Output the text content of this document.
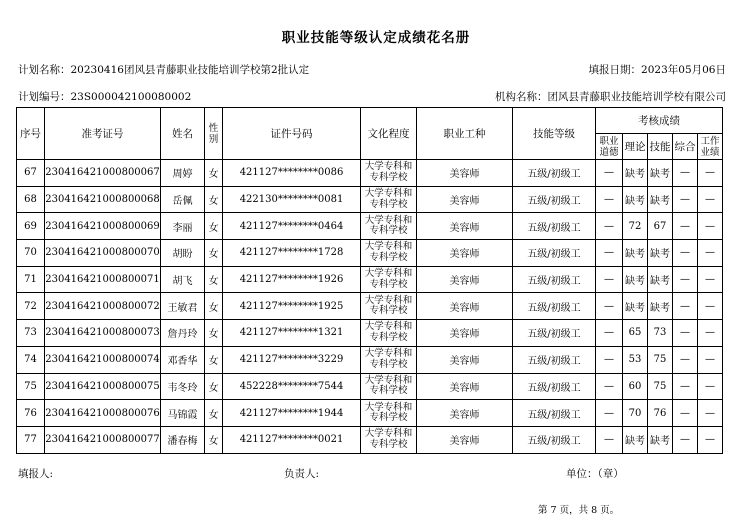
职业技能等级认定成绩花名册
计划名称：20230416团风县青藤职业技能培训学校第2批认定	填报日期：2023年05月06日
计划编号：23S000042100080002	机构名称：团风县青藤职业技能培训学校有限公司
序号	准考证号	姓名	性别	证件号码	文化程度	职业工种	技能等级	考核成绩				
								职业道德	理论	技能	综合	工作业绩
67	230416421000800067	周婷	女	421127********0086	大学专科和专科学校	美容师	五级/初级工	—	缺考	缺考	—	—
68	230416421000800068	岳佩	女	422130********0081	大学专科和专科学校	美容师	五级/初级工	—	缺考	缺考	—	—
69	230416421000800069	李丽	女	421127********0464	大学专科和专科学校	美容师	五级/初级工	—	72	67	—	—
70	230416421000800070	胡盼	女	421127********1728	大学专科和专科学校	美容师	五级/初级工	—	缺考	缺考	—	—
71	230416421000800071	胡飞	女	421127********1926	大学专科和专科学校	美容师	五级/初级工	—	缺考	缺考	—	—
72	230416421000800072	王敏君	女	421127********1925	大学专科和专科学校	美容师	五级/初级工	—	缺考	缺考	—	—
73	230416421000800073	詹丹玲	女	421127********1321	大学专科和专科学校	美容师	五级/初级工	—	65	73	—	—
74	230416421000800074	邓香华	女	421127********3229	大学专科和专科学校	美容师	五级/初级工	—	53	75	—	—
75	230416421000800075	韦冬玲	女	452228********7544	大学专科和专科学校	美容师	五级/初级工	—	60	75	—	—
76	230416421000800076	马锦霞	女	421127********1944	大学专科和专科学校	美容师	五级/初级工	—	70	76	—	—
77	230416421000800077	潘春梅	女	421127********0021	大学专科和专科学校	美容师	五级/初级工	—	缺考	缺考	—	—
填报人:	负责人:	单位：（章）
第 7 页，共 8 页。
